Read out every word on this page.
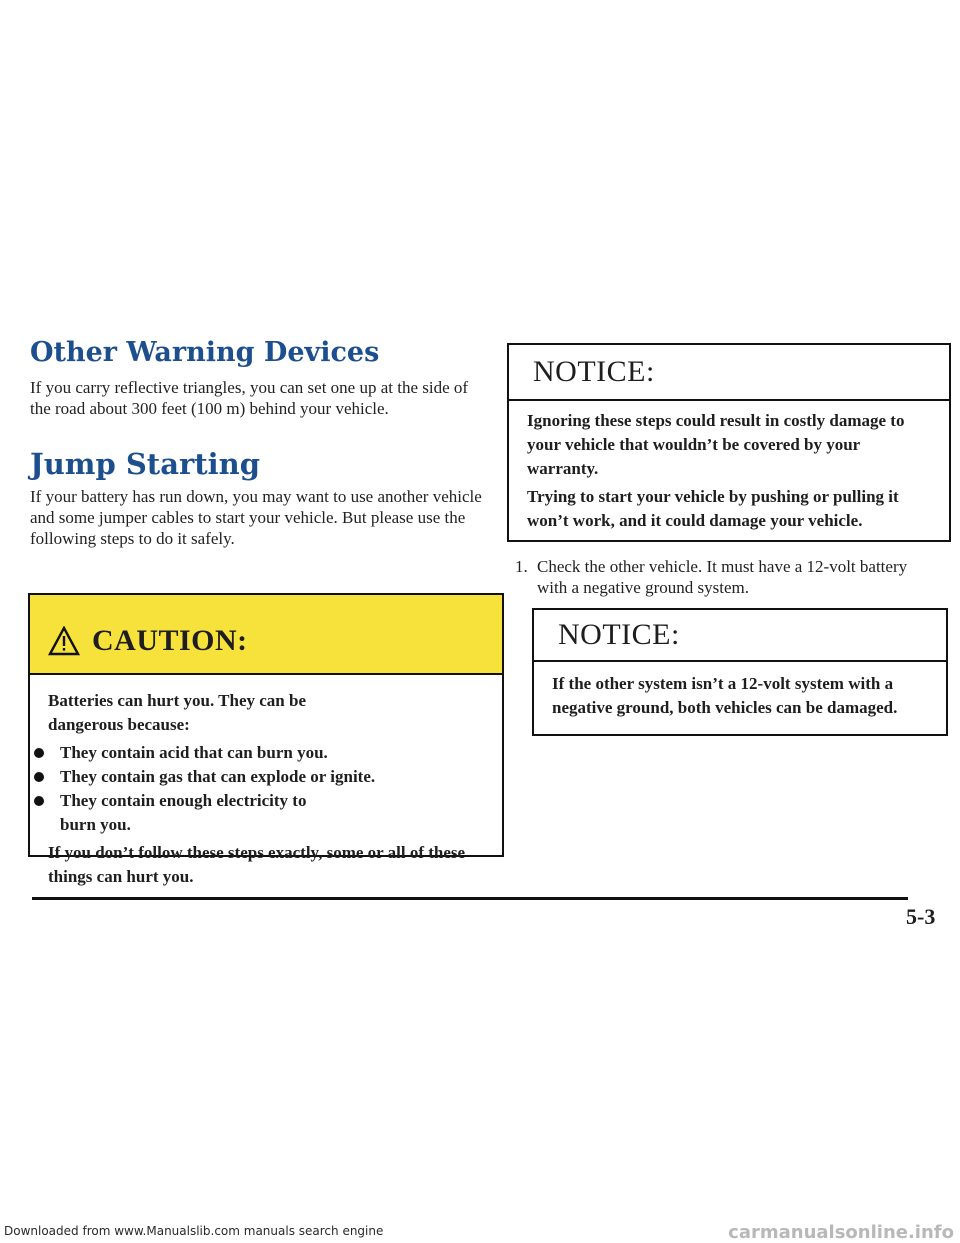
Other Warning Devices
If you carry reflective triangles, you can set one up at the side of the road about 300 feet (100 m) behind your vehicle.
Jump Starting
If your battery has run down, you may want to use another vehicle and some jumper cables to start your vehicle. But please use the following steps to do it safely.
CAUTION:
Batteries can hurt you. They can be dangerous because:
They contain acid that can burn you.
They contain gas that can explode or ignite.
They contain enough electricity to burn you.
If you don’t follow these steps exactly, some or all of these things can hurt you.
NOTICE:
Ignoring these steps could result in costly damage to your vehicle that wouldn’t be covered by your warranty.
Trying to start your vehicle by pushing or pulling it won’t work, and it could damage your vehicle.
1. Check the other vehicle. It must have a 12-volt battery with a negative ground system.
NOTICE:
If the other system isn’t a 12-volt system with a negative ground, both vehicles can be damaged.
5-3
Downloaded from www.Manualslib.com manuals search engine	carmanualsonline.info
